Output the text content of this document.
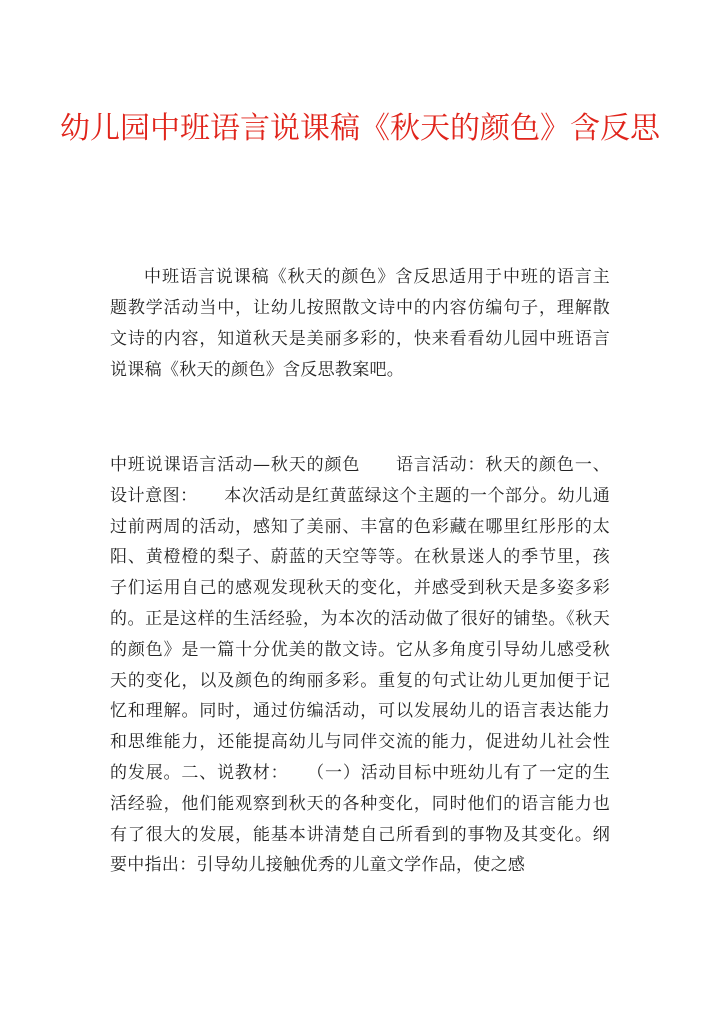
幼儿园中班语言说课稿《秋天的颜色》含反思
中班语言说课稿《秋天的颜色》含反思适用于中班的语言主题教学活动当中，让幼儿按照散文诗中的内容仿编句子，理解散文诗的内容，知道秋天是美丽多彩的，快来看看幼儿园中班语言说课稿《秋天的颜色》含反思教案吧。
中班说课语言活动—秋天的颜色　　语言活动：秋天的颜色一、设计意图：　　本次活动是红黄蓝绿这个主题的一个部分。幼儿通过前两周的活动，感知了美丽、丰富的色彩藏在哪里红彤彤的太阳、黄橙橙的梨子、蔚蓝的天空等等。在秋景迷人的季节里，孩子们运用自己的感观发现秋天的变化，并感受到秋天是多姿多彩的。正是这样的生活经验，为本次的活动做了很好的铺垫。《秋天的颜色》是一篇十分优美的散文诗。它从多角度引导幼儿感受秋天的变化，以及颜色的绚丽多彩。重复的句式让幼儿更加便于记忆和理解。同时，通过仿编活动，可以发展幼儿的语言表达能力和思维能力，还能提高幼儿与同伴交流的能力，促进幼儿社会性的发展。二、说教材：　　（一）活动目标中班幼儿有了一定的生活经验，他们能观察到秋天的各种变化，同时他们的语言能力也有了很大的发展，能基本讲清楚自己所看到的事物及其变化。纲要中指出：引导幼儿接触优秀的儿童文学作品，使之感
